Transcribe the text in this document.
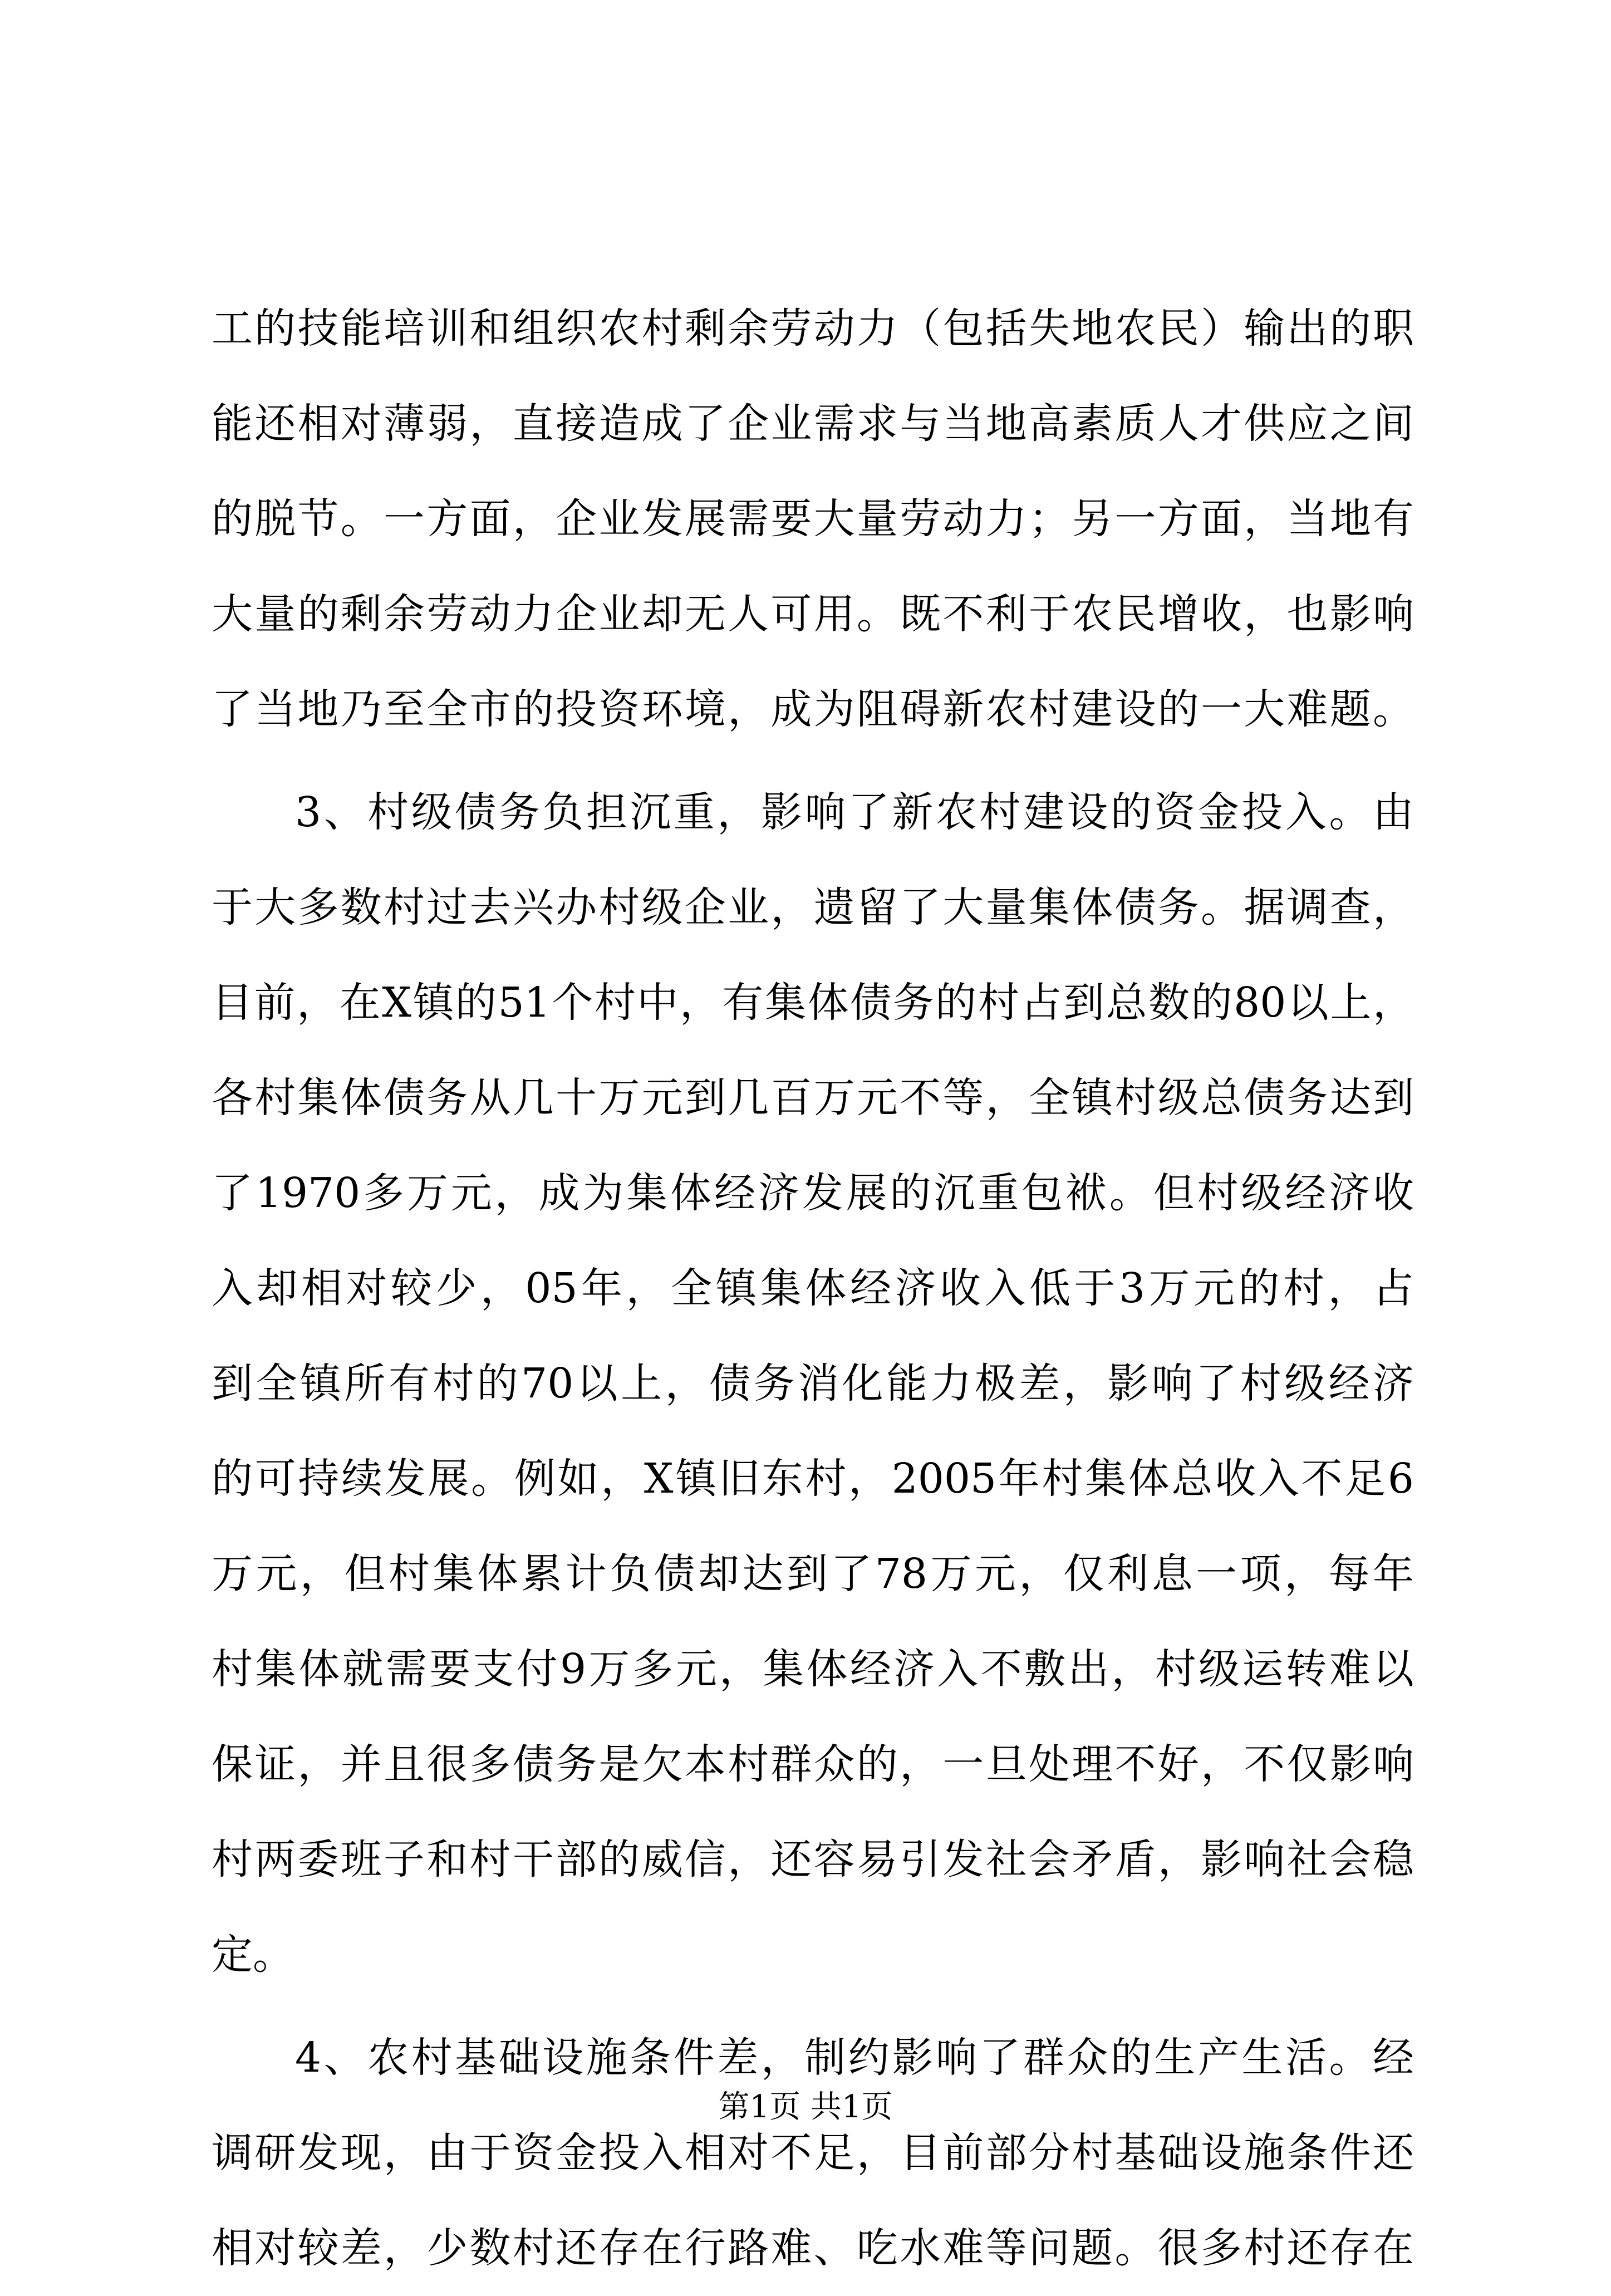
工的技能培训和组织农村剩余劳动力（包括失地农民）输出的职
能还相对薄弱，直接造成了企业需求与当地高素质人才供应之间
的脱节。一方面，企业发展需要大量劳动力；另一方面，当地有
大量的剩余劳动力企业却无人可用。既不利于农民增收，也影响
了当地乃至全市的投资环境，成为阻碍新农村建设的一大难题。
3、村级债务负担沉重，影响了新农村建设的资金投入。由
于大多数村过去兴办村级企业，遗留了大量集体债务。据调查，
目前，在X镇的51个村中，有集体债务的村占到总数的80以上，
各村集体债务从几十万元到几百万元不等，全镇村级总债务达到
了1970多万元，成为集体经济发展的沉重包袱。但村级经济收
入却相对较少，05年，全镇集体经济收入低于3万元的村，占
到全镇所有村的70以上，债务消化能力极差，影响了村级经济
的可持续发展。例如，X镇旧东村，2005年村集体总收入不足6
万元，但村集体累计负债却达到了78万元，仅利息一项，每年
村集体就需要支付9万多元，集体经济入不敷出，村级运转难以
保证，并且很多债务是欠本村群众的，一旦处理不好，不仅影响
村两委班子和村干部的威信，还容易引发社会矛盾，影响社会稳
定。
4、农村基础设施条件差，制约影响了群众的生产生活。经
调研发现，由于资金投入相对不足，目前部分村基础设施条件还
相对较差，少数村还存在行路难、吃水难等问题。很多村还存在
第1页 共1页
